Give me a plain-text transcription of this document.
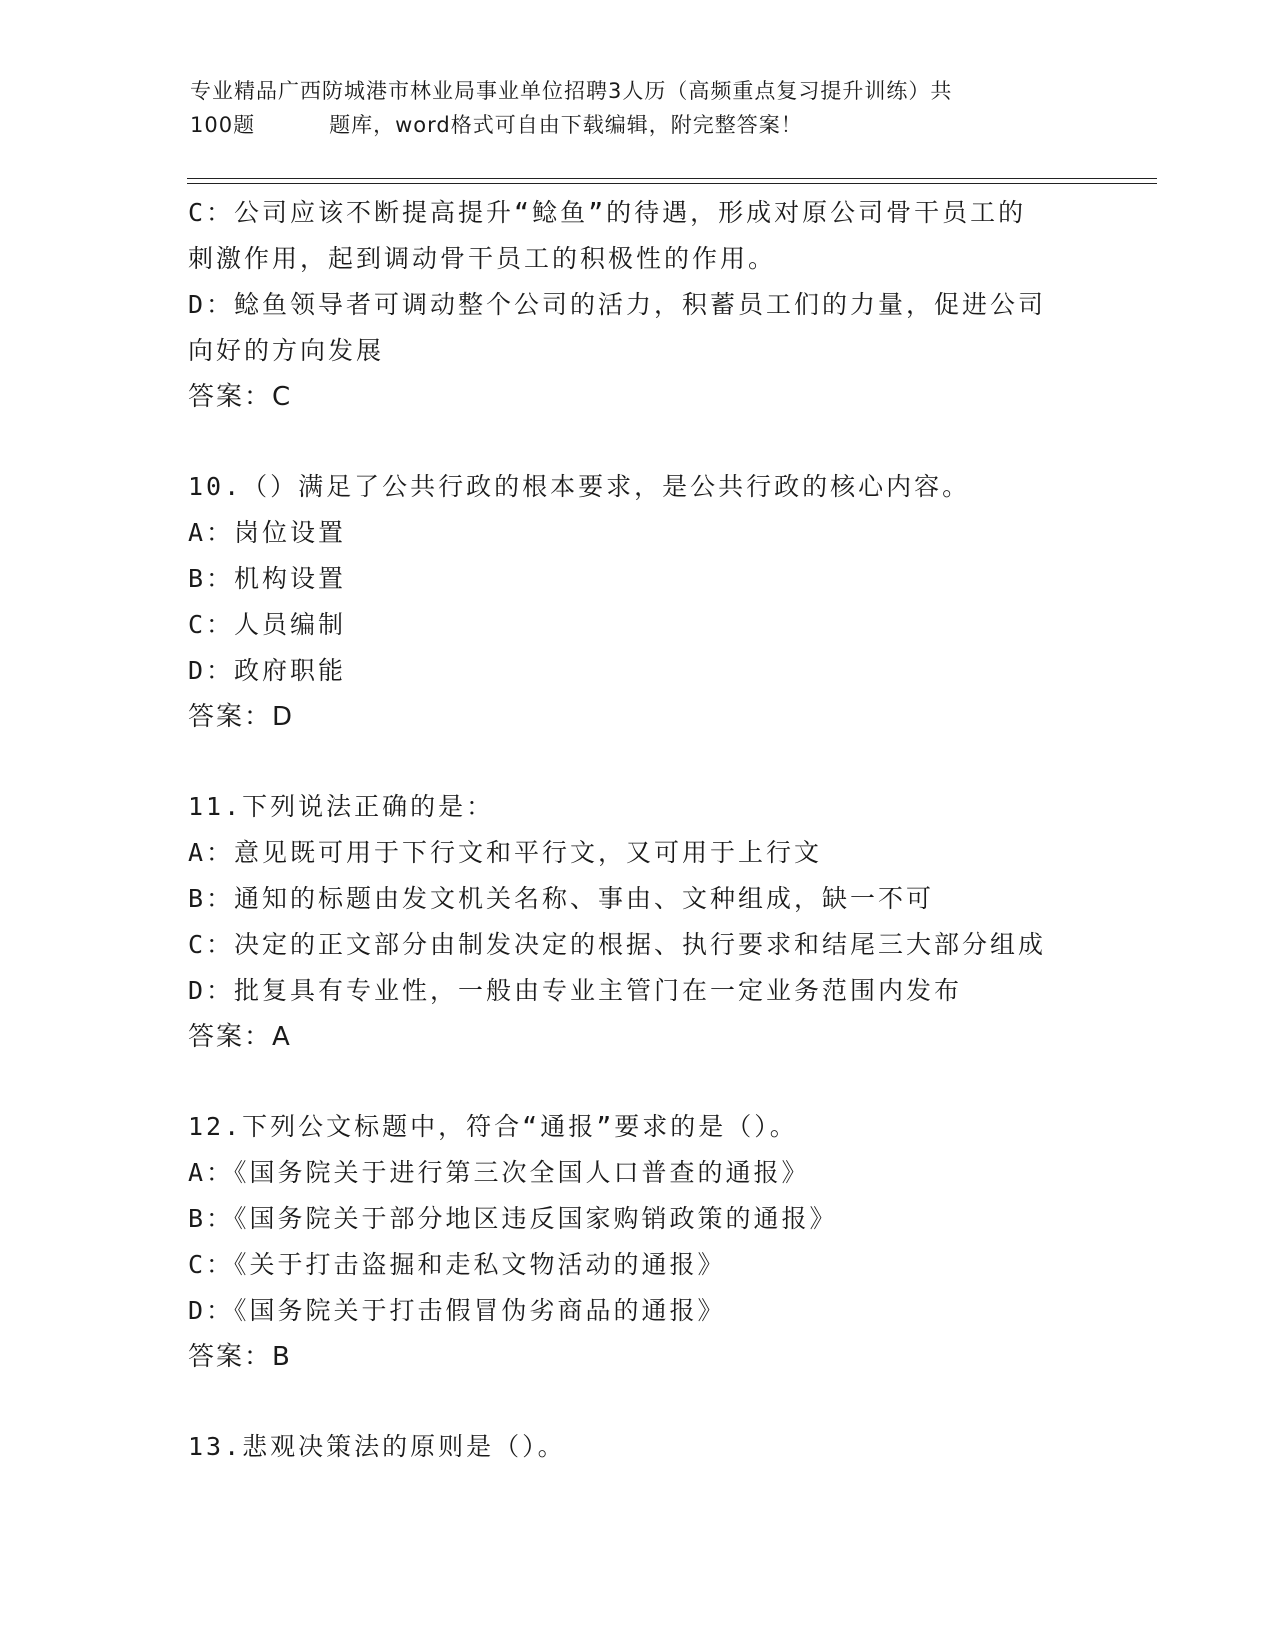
专业精品广西防城港市林业局事业单位招聘3人历（高频重点复习提升训练）共
100题	题库，word格式可自由下载编辑，附完整答案！
C：公司应该不断提高提升“鲶鱼”的待遇，形成对原公司骨干员工的
刺激作用，起到调动骨干员工的积极性的作用。
D：鲶鱼领导者可调动整个公司的活力，积蓄员工们的力量，促进公司
向好的方向发展
答案：C
10.（）满足了公共行政的根本要求，是公共行政的核心内容。
A：岗位设置
B：机构设置
C：人员编制
D：政府职能
答案：D
11.下列说法正确的是：
A：意见既可用于下行文和平行文，又可用于上行文
B：通知的标题由发文机关名称、事由、文种组成，缺一不可
C：决定的正文部分由制发决定的根据、执行要求和结尾三大部分组成
D：批复具有专业性，一般由专业主管门在一定业务范围内发布
答案：A
12.下列公文标题中，符合“通报”要求的是（）。
A：《国务院关于进行第三次全国人口普查的通报》
B：《国务院关于部分地区违反国家购销政策的通报》
C：《关于打击盗掘和走私文物活动的通报》
D：《国务院关于打击假冒伪劣商品的通报》
答案：B
13.悲观决策法的原则是（）。
